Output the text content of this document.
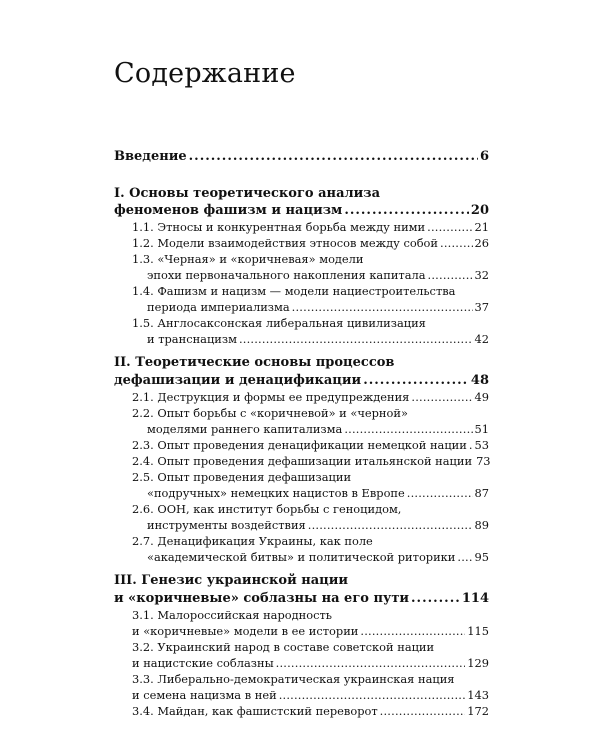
Содержание
Введение .....	6
I. Основы теоретического анализа
феноменов фашизм и нацизм .....	20
1.1. Этносы и конкурентная борьба между ними .....	21
1.2. Модели взаимодействия этносов между собой .....	26
1.3. «Черная» и «коричневая» модели
эпохи первоначального накопления капитала .....	32
1.4. Фашизм и нацизм — модели нациестроительства
периода империализма .....	37
1.5. Англосаксонская либеральная цивилизация
и транснацизм .....	42
II. Теоретические основы процессов
дефашизации и денацификации .....	48
2.1. Деструкция и формы ее предупреждения .....	49
2.2. Опыт борьбы с «коричневой» и «черной»
моделями раннего капитализма .....	51
2.3. Опыт проведения денацификации немецкой нации ..... 53
2.4. Опыт проведения дефашизации итальянской нации 73
2.5. Опыт проведения дефашизации
«подручных» немецких нацистов в Европе .....	87
2.6. ООН, как институт борьбы с геноцидом,
инструменты воздействия .....	89
2.7. Денацификация Украины, как поле
«академической битвы» и политической риторики ..... 95
III. Генезис украинской нации
и «коричневые» соблазны на его пути .....	114
3.1. Малороссийская народность
и «коричневые» модели в ее истории .....	115
3.2. Украинский народ в составе советской нации
и нацистские соблазны .....	129
3.3. Либерально-демократическая украинская нация
и семена нацизма в ней .....	143
3.4. Майдан, как фашистский переворот .....	172
